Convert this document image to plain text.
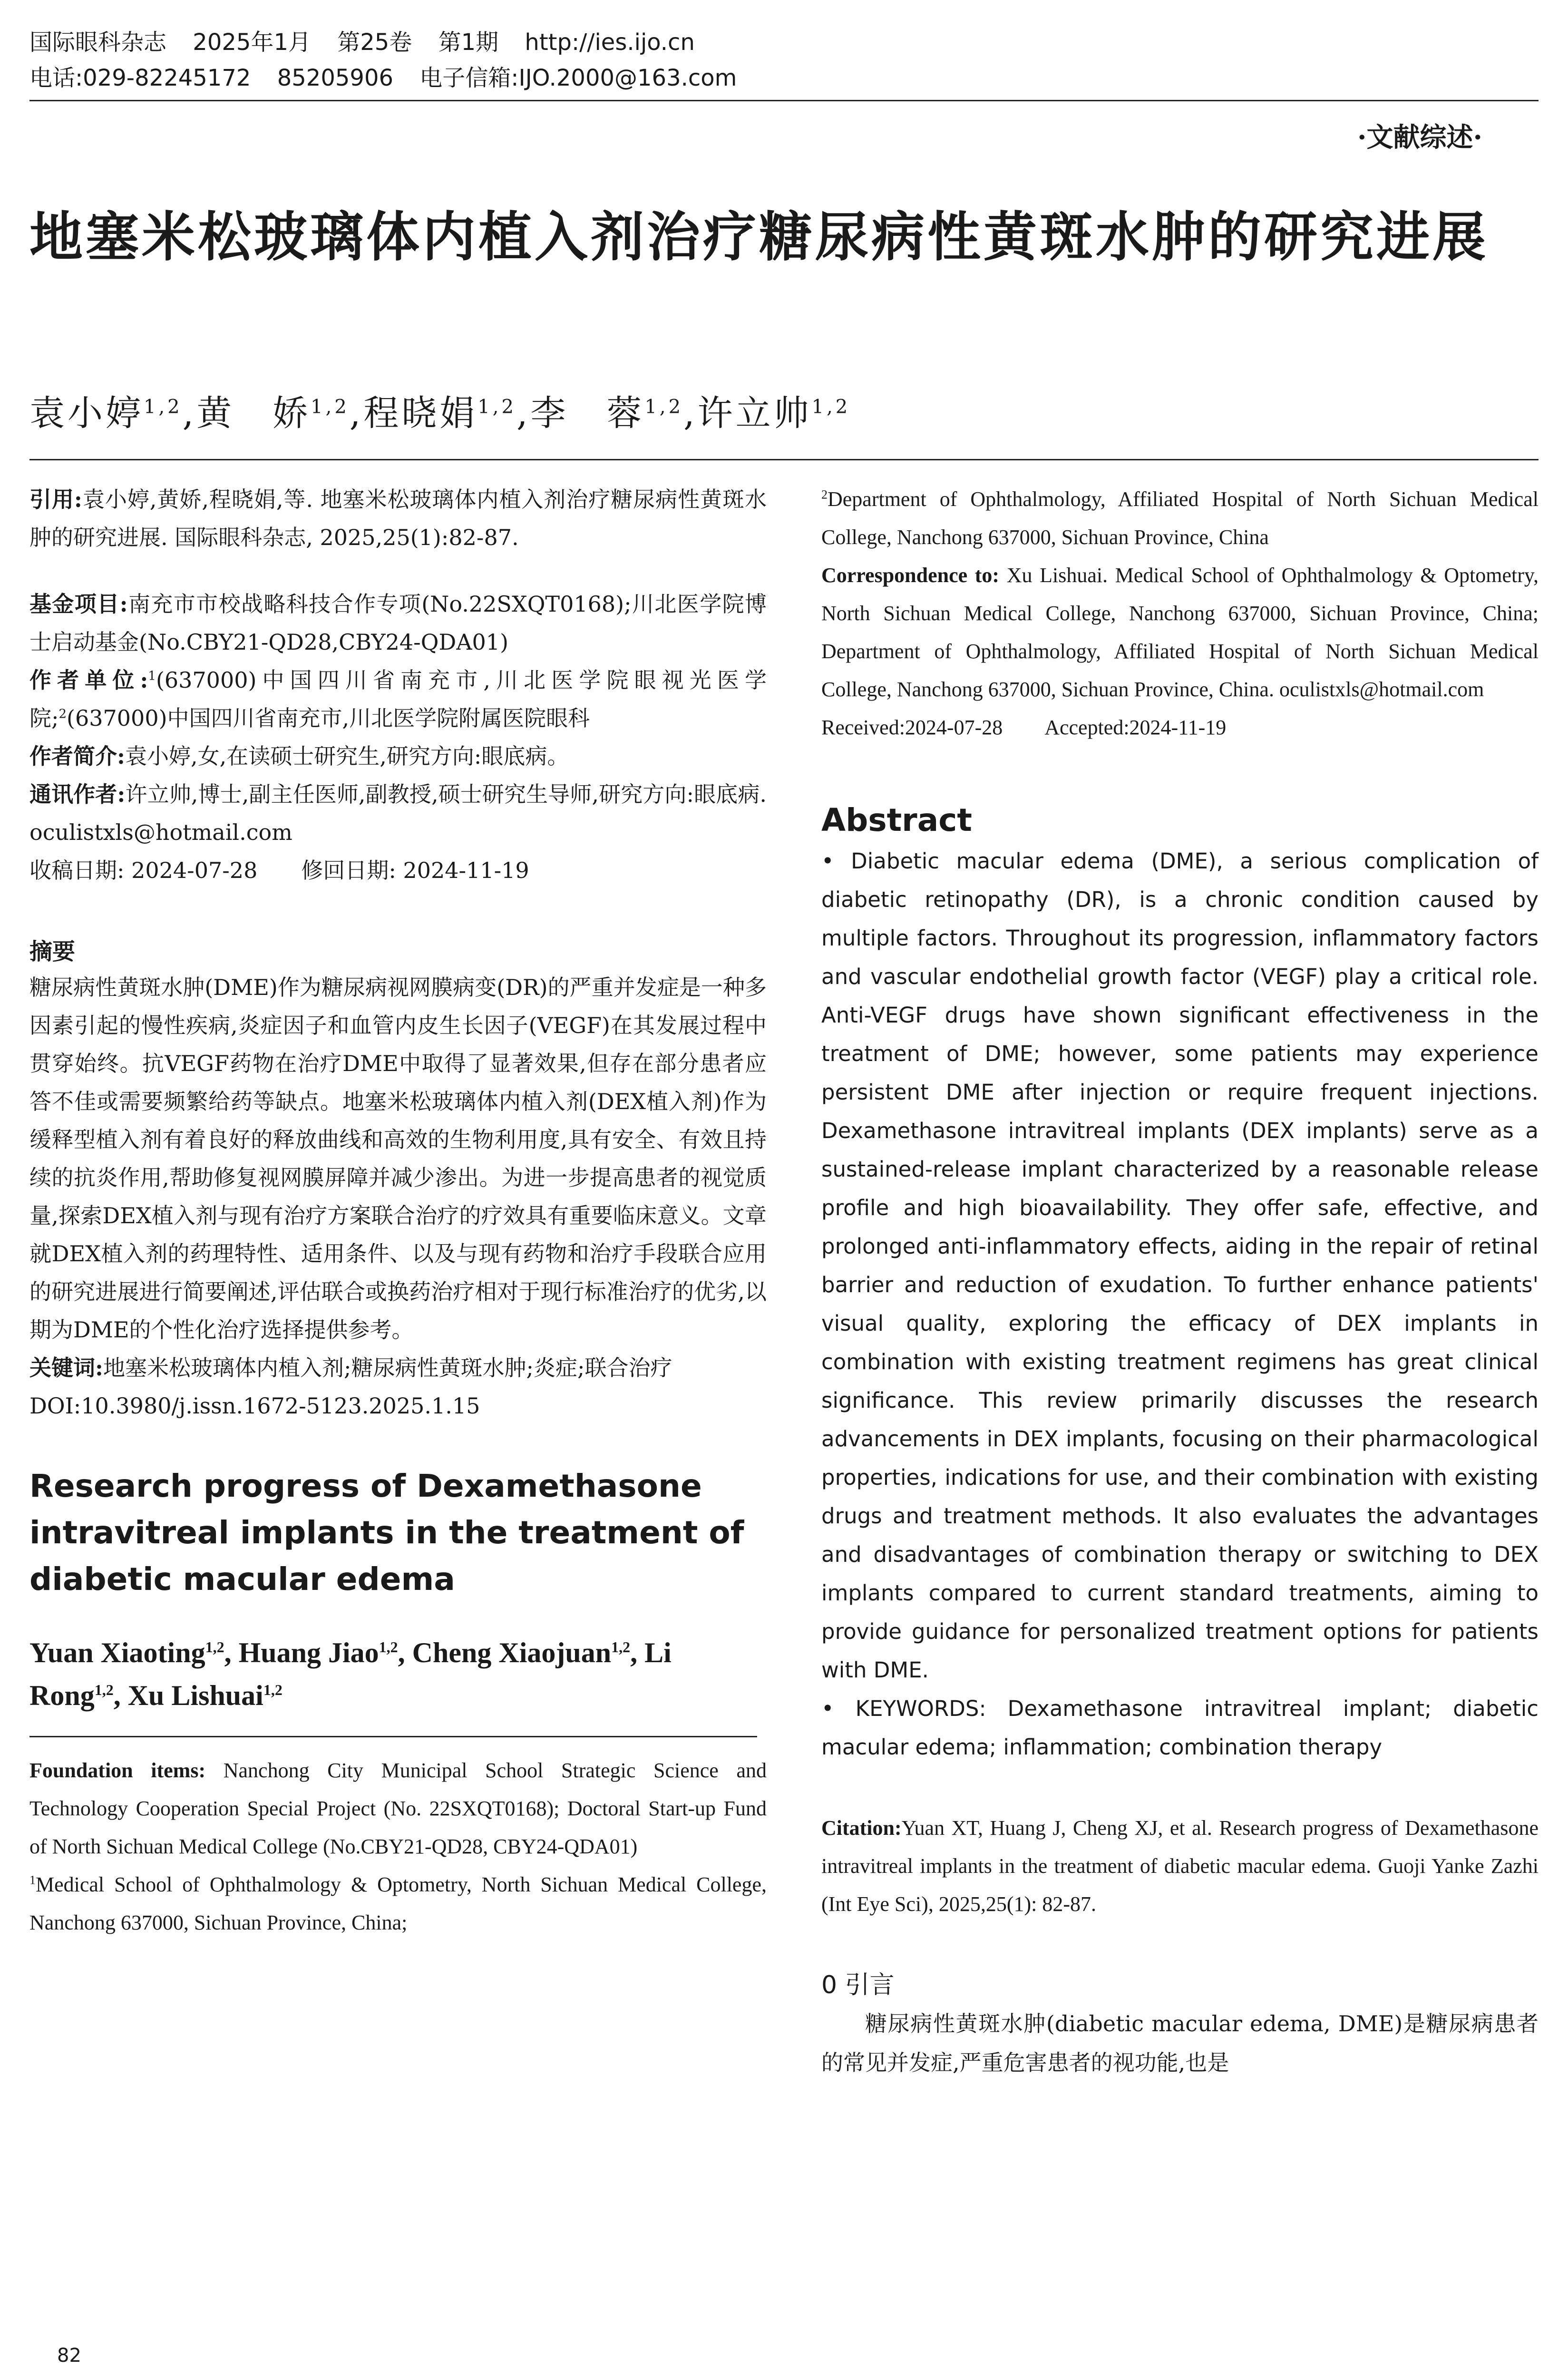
国际眼科杂志 2025年1月 第25卷 第1期 http://ies.ijo.cn
电话:029-82245172 85205906 电子信箱:IJO.2000@163.com
·文献综述·
地塞米松玻璃体内植入剂治疗糖尿病性黄斑水肿的研究进展
袁小婷$^{1,2}$,黄　娇$^{1,2}$,程晓娟$^{1,2}$,李　蓉$^{1,2}$,许立帅$^{1,2}$

引用:袁小婷,黄娇,程晓娟,等. 地塞米松玻璃体内植入剂治疗糖尿病性黄斑水肿的研究进展. 国际眼科杂志, 2025,25(1):82-87.

基金项目:南充市市校战略科技合作专项(No.22SXQT0168);川北医学院博士启动基金(No.CBY21-QD28,CBY24-QDA01)

作者单位:$^1$(637000)中国四川省南充市,川北医学院眼视光医学院;$^2$(637000)中国四川省南充市,川北医学院附属医院眼科

作者简介:袁小婷,女,在读硕士研究生,研究方向:眼底病。

通讯作者:许立帅,博士,副主任医师,副教授,硕士研究生导师,研究方向:眼底病. oculistxls@hotmail.com

收稿日期: 2024-07-28　　 修回日期: 2024-11-19

摘要

糖尿病性黄斑水肿(DME)作为糖尿病视网膜病变(DR)的严重并发症是一种多因素引起的慢性疾病,炎症因子和血管内皮生长因子(VEGF)在其发展过程中贯穿始终。抗VEGF药物在治疗DME中取得了显著效果,但存在部分患者应答不佳或需要频繁给药等缺点。地塞米松玻璃体内植入剂(DEX植入剂)作为缓释型植入剂有着良好的释放曲线和高效的生物利用度,具有安全、有效且持续的抗炎作用,帮助修复视网膜屏障并减少渗出。为进一步提高患者的视觉质量,探索DEX植入剂与现有治疗方案联合治疗的疗效具有重要临床意义。文章就DEX植入剂的药理特性、适用条件、以及与现有药物和治疗手段联合应用的研究进展进行简要阐述,评估联合或换药治疗相对于现行标准治疗的优劣,以期为DME的个性化治疗选择提供参考。

关键词:地塞米松玻璃体内植入剂;糖尿病性黄斑水肿;炎症;联合治疗

DOI:10.3980/j.issn.1672-5123.2025.1.15

Research progress of Dexamethasone intravitreal implants in the treatment of diabetic macular edema
Yuan Xiaoting$^{1,2}$, Huang Jiao$^{1,2}$, Cheng Xiaojuan$^{1,2}$, Li Rong$^{1,2}$, Xu Lishuai$^{1,2}$

Foundation items: Nanchong City Municipal School Strategic Science and Technology Cooperation Special Project (No. 22SXQT0168); Doctoral Start-up Fund of North Sichuan Medical College (No.CBY21-QD28, CBY24-QDA01)

$^1$Medical School of Ophthalmology & Optometry, North Sichuan Medical College, Nanchong 637000, Sichuan Province, China;

$^2$Department of Ophthalmology, Affiliated Hospital of North Sichuan Medical College, Nanchong 637000, Sichuan Province, China

Correspondence to: Xu Lishuai. Medical School of Ophthalmology & Optometry, North Sichuan Medical College, Nanchong 637000, Sichuan Province, China; Department of Ophthalmology, Affiliated Hospital of North Sichuan Medical College, Nanchong 637000, Sichuan Province, China. oculistxls@hotmail.com

Received:2024-07-28　　 Accepted:2024-11-19

Abstract

• Diabetic macular edema (DME), a serious complication of diabetic retinopathy (DR), is a chronic condition caused by multiple factors. Throughout its progression, inflammatory factors and vascular endothelial growth factor (VEGF) play a critical role. Anti-VEGF drugs have shown significant effectiveness in the treatment of DME; however, some patients may experience persistent DME after injection or require frequent injections. Dexamethasone intravitreal implants (DEX implants) serve as a sustained-release implant characterized by a reasonable release profile and high bioavailability. They offer safe, effective, and prolonged anti-inflammatory effects, aiding in the repair of retinal barrier and reduction of exudation. To further enhance patients' visual quality, exploring the efficacy of DEX implants in combination with existing treatment regimens has great clinical significance. This review primarily discusses the research advancements in DEX implants, focusing on their pharmacological properties, indications for use, and their combination with existing drugs and treatment methods. It also evaluates the advantages and disadvantages of combination therapy or switching to DEX implants compared to current standard treatments, aiming to provide guidance for personalized treatment options for patients with DME.

• KEYWORDS: Dexamethasone intravitreal implant; diabetic macular edema; inflammation; combination therapy

Citation:Yuan XT, Huang J, Cheng XJ, et al. Research progress of Dexamethasone intravitreal implants in the treatment of diabetic macular edema. Guoji Yanke Zazhi (Int Eye Sci), 2025,25(1): 82-87.

0 引言

糖尿病性黄斑水肿(diabetic macular edema, DME)是糖尿病患者的常见并发症,严重危害患者的视功能,也是

82
